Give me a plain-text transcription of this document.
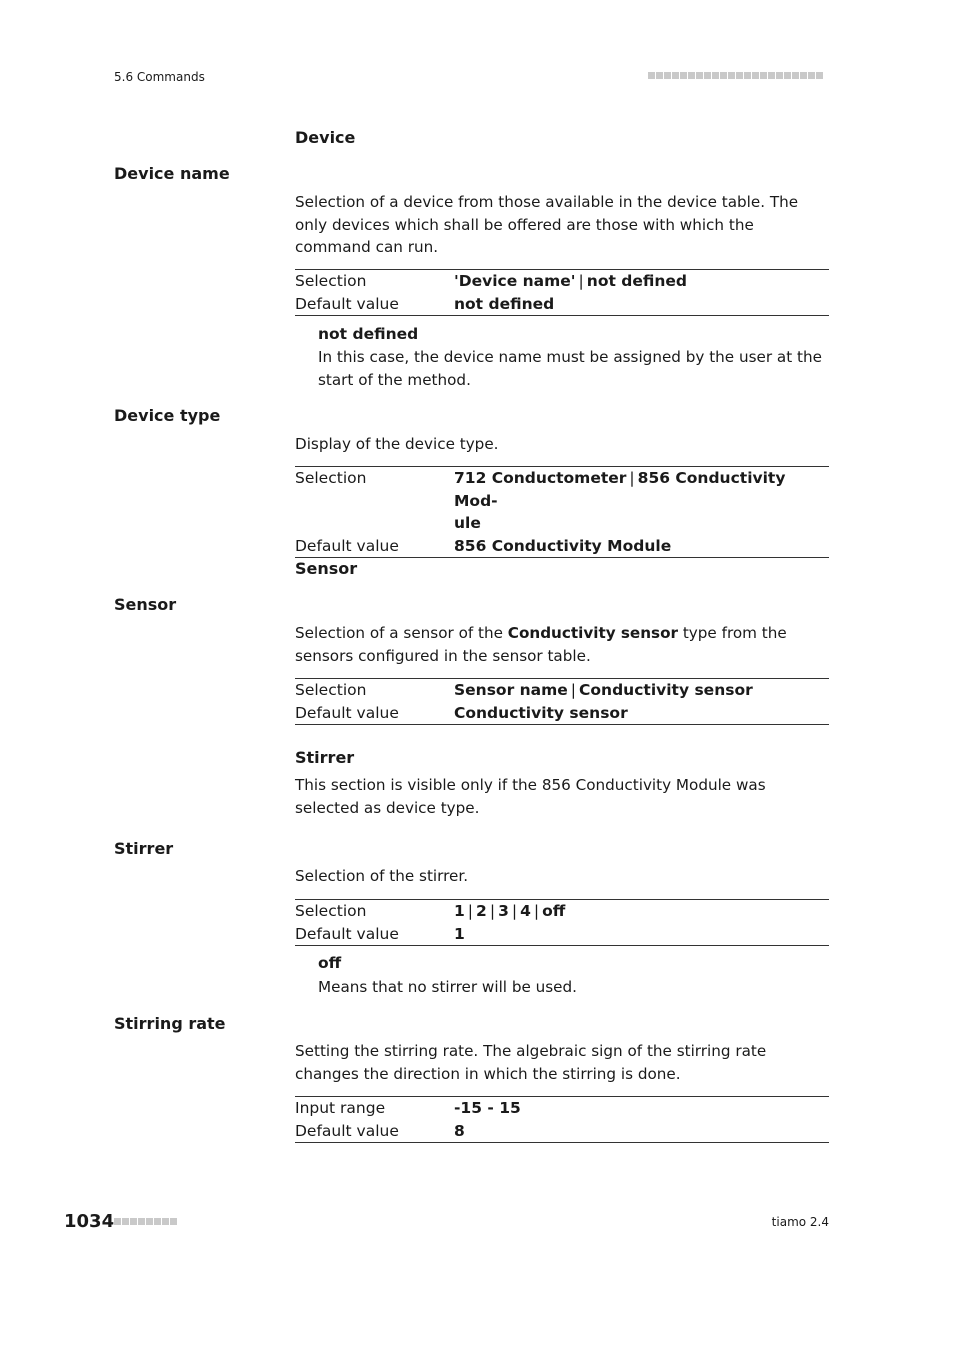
5.6 Commands
Device
Device name
Selection of a device from those available in the device table. The only devices which shall be offered are those with which the command can run.
Selection	'Device name' | not defined
Default value	not defined
not defined
In this case, the device name must be assigned by the user at the start of the method.
Device type
Display of the device type.
Selection	712 Conductometer | 856 Conductivity Mod-
ule
Default value	856 Conductivity Module
Sensor
Sensor
Selection of a sensor of the Conductivity sensor type from the sensors configured in the sensor table.
Selection	Sensor name | Conductivity sensor
Default value	Conductivity sensor
Stirrer
This section is visible only if the 856 Conductivity Module was selected as device type.
Stirrer
Selection of the stirrer.
Selection	1 | 2 | 3 | 4 | off
Default value	1
off
Means that no stirrer will be used.
Stirring rate
Setting the stirring rate. The algebraic sign of the stirring rate changes the direction in which the stirring is done.
Input range	-15 - 15
Default value	8
1034	tiamo 2.4
